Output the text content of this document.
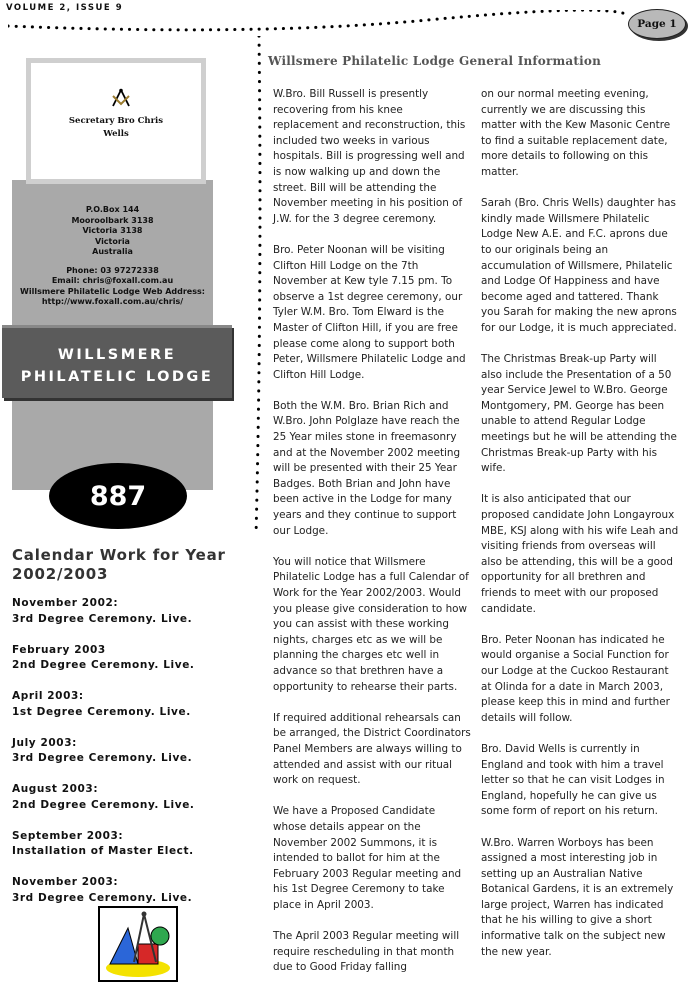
VOLUME 2, ISSUE 9
Page 1
Secretary Bro Chris
Wells
P.O.Box 144
Mooroolbark 3138
Victoria 3138
Victoria
Australia
Phone: 03 97272338
Email: chris@foxall.com.au
Willsmere Philatelic Lodge Web Address:
http://www.foxall.com.au/chris/
WILLSMERE
PHILATELIC LODGE
887
Calendar Work for Year
2002/2003
November 2002:
3rd Degree Ceremony. Live.
February 2003
2nd Degree Ceremony. Live.
April 2003:
1st Degree Ceremony. Live.
July 2003:
3rd Degree Ceremony. Live.
August 2003:
2nd Degree Ceremony. Live.
September 2003:
Installation of Master Elect.
November 2003:
3rd Degree Ceremony. Live.
Willsmere Philatelic Lodge General Information

W.Bro. Bill Russell is presently recovering from his knee replacement and reconstruction, this included two weeks in various hospitals. Bill is progressing well and is now walking up and down the street. Bill will be attending the November meeting in his position of J.W. for the 3 degree ceremony.

Bro. Peter Noonan will be visiting Clifton Hill Lodge on the 7th November at Kew tyle 7.15 pm. To observe a 1st degree ceremony, our Tyler W.M. Bro. Tom Elward is the Master of Clifton Hill, if you are free please come along to support both Peter, Willsmere Philatelic Lodge and Clifton Hill Lodge.

Both the W.M. Bro. Brian Rich and W.Bro. John Polglaze have reach the 25 Year miles stone in freemasonry and at the November 2002 meeting will be presented with their 25 Year Badges. Both Brian and John have been active in the Lodge for many years and they continue to support our Lodge.

You will notice that Willsmere Philatelic Lodge has a full Calendar of Work for the Year 2002/2003. Would you please give consideration to how you can assist with these working nights, charges etc as we will be planning the charges etc well in advance so that brethren have a opportunity to rehearse their parts.

If required additional rehearsals can be arranged, the District Coordinators Panel Members are always willing to attended and assist with our ritual work on request.

We have a Proposed Candidate whose details appear on the November 2002 Summons, it is intended to ballot for him at the February 2003 Regular meeting and his 1st Degree Ceremony to take place in April 2003.

The April 2003 Regular meeting will require rescheduling in that month due to Good Friday falling

on our normal meeting evening, currently we are discussing this matter with the Kew Masonic Centre to find a suitable replacement date, more details to following on this matter.

Sarah (Bro. Chris Wells) daughter has kindly made Willsmere Philatelic Lodge New A.E. and F.C. aprons due to our originals being an accumulation of Willsmere, Philatelic and Lodge Of Happiness and have become aged and tattered. Thank you Sarah for making the new aprons for our Lodge, it is much appreciated.

The Christmas Break-up Party will also include the Presentation of a 50 year Service Jewel to W.Bro. George Montgomery, PM. George has been unable to attend Regular Lodge meetings but he will be attending the Christmas Break-up Party with his wife.

It is also anticipated that our proposed candidate John Longayroux MBE, KSJ along with his wife Leah and visiting friends from overseas will also be attending, this will be a good opportunity for all brethren and friends to meet with our proposed candidate.

Bro. Peter Noonan has indicated he would organise a Social Function for our Lodge at the Cuckoo Restaurant at Olinda for a date in March 2003, please keep this in mind and further details will follow.

Bro. David Wells is currently in England and took with him a travel letter so that he can visit Lodges in England, hopefully he can give us some form of report on his return.

W.Bro. Warren Worboys has been assigned a most interesting job in setting up an Australian Native Botanical Gardens, it is an extremely large project, Warren has indicated that he his willing to give a short informative talk on the subject new the new year.
